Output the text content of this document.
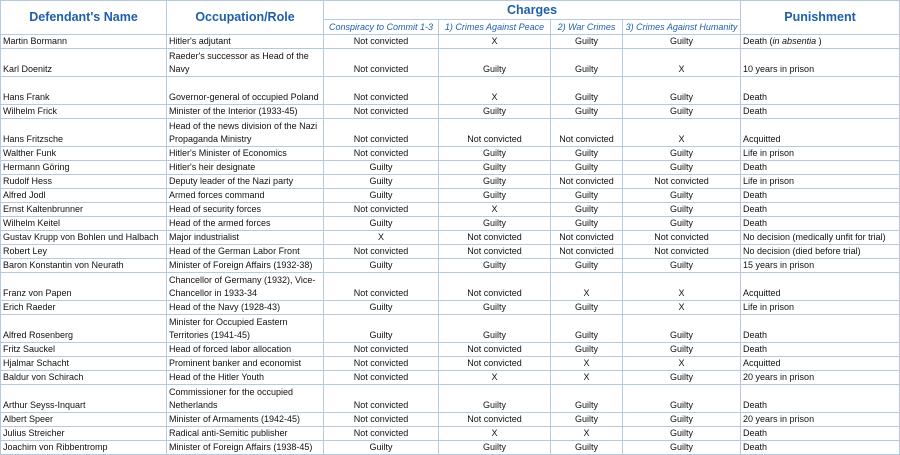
Defendant's Name	Occupation/Role	Charges				Punishment
		Conspiracy to Commit 1-3	1) Crimes Against Peace	2) War Crimes	3) Crimes Against Humanity	
Martin Bormann	Hitler's adjutant	Not convicted	X	Guilty	Guilty	Death (in absentia )
Karl Doenitz	Raeder's successor as Head of the Navy	Not convicted	Guilty	Guilty	X	10 years in prison
Hans Frank	Governor-general of occupied Poland	Not convicted	X	Guilty	Guilty	Death
Wilhelm Frick	Minister of the Interior (1933-45)	Not convicted	Guilty	Guilty	Guilty	Death
Hans Fritzsche	Head of the news division of the Nazi Propaganda Ministry	Not convicted	Not convicted	Not convicted	X	Acquitted
Walther Funk	Hitler's Minister of Economics	Not convicted	Guilty	Guilty	Guilty	Life in prison
Hermann Göring	Hitler's heir designate	Guilty	Guilty	Guilty	Guilty	Death
Rudolf Hess	Deputy leader of the Nazi party	Guilty	Guilty	Not convicted	Not convicted	Life in prison
Alfred Jodl	Armed forces command	Guilty	Guilty	Guilty	Guilty	Death
Ernst Kaltenbrunner	Head of security forces	Not convicted	X	Guilty	Guilty	Death
Wilhelm Keitel	Head of the armed forces	Guilty	Guilty	Guilty	Guilty	Death
Gustav Krupp von Bohlen und Halbach	Major industrialist	X	Not convicted	Not convicted	Not convicted	No decision (medically unfit for trial)
Robert Ley	Head of the German Labor Front	Not convicted	Not convicted	Not convicted	Not convicted	No decision (died before trial)
Baron Konstantin von Neurath	Minister of Foreign Affairs (1932-38)	Guilty	Guilty	Guilty	Guilty	15 years in prison
Franz von Papen	Chancellor of Germany (1932), Vice-Chancellor in 1933-34	Not convicted	Not convicted	X	X	Acquitted
Erich Raeder	Head of the Navy (1928-43)	Guilty	Guilty	Guilty	X	Life in prison
Alfred Rosenberg	Minister for Occupied Eastern Territories (1941-45)	Guilty	Guilty	Guilty	Guilty	Death
Fritz Sauckel	Head of forced labor allocation	Not convicted	Not convicted	Guilty	Guilty	Death
Hjalmar Schacht	Prominent banker and economist	Not convicted	Not convicted	X	X	Acquitted
Baldur von Schirach	Head of the Hitler Youth	Not convicted	X	X	Guilty	20 years in prison
Arthur Seyss-Inquart	Commissioner for the occupied Netherlands	Not convicted	Guilty	Guilty	Guilty	Death
Albert Speer	Minister of Armaments (1942-45)	Not convicted	Not convicted	Guilty	Guilty	20 years in prison
Julius Streicher	Radical anti-Semitic publisher	Not convicted	X	X	Guilty	Death
Joachim von Ribbentromp	Minister of Foreign Affairs (1938-45)	Guilty	Guilty	Guilty	Guilty	Death
